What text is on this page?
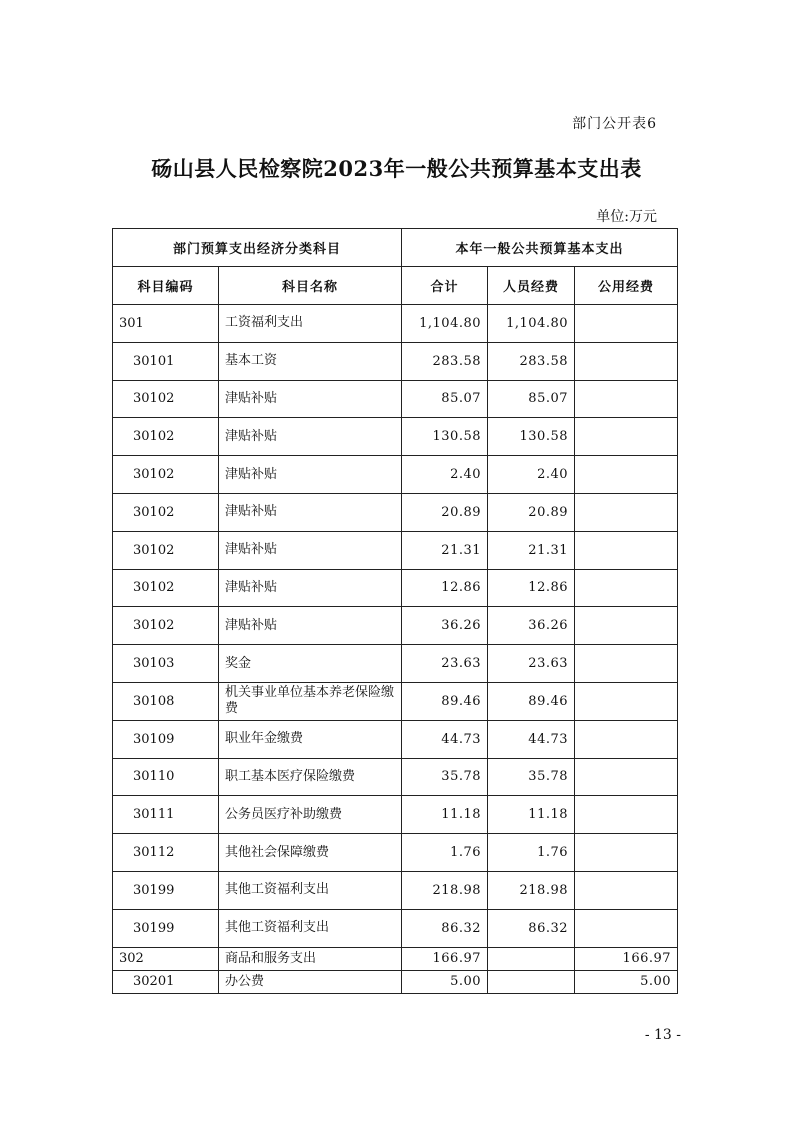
部门公开表6
砀山县人民检察院2023年一般公共预算基本支出表
单位:万元
部门预算支出经济分类科目		本年一般公共预算基本支出		
科目编码	科目名称	合计	人员经费	公用经费
301	工资福利支出	1,104.80	1,104.80	
30101	基本工资	283.58	283.58	
30102	津贴补贴	85.07	85.07	
30102	津贴补贴	130.58	130.58	
30102	津贴补贴	2.40	2.40	
30102	津贴补贴	20.89	20.89	
30102	津贴补贴	21.31	21.31	
30102	津贴补贴	12.86	12.86	
30102	津贴补贴	36.26	36.26	
30103	奖金	23.63	23.63	
30108	机关事业单位基本养老保险缴费	89.46	89.46	
30109	职业年金缴费	44.73	44.73	
30110	职工基本医疗保险缴费	35.78	35.78	
30111	公务员医疗补助缴费	11.18	11.18	
30112	其他社会保障缴费	1.76	1.76	
30199	其他工资福利支出	218.98	218.98	
30199	其他工资福利支出	86.32	86.32	
302	商品和服务支出	166.97		166.97
30201	办公费	5.00		5.00
- 13 -
